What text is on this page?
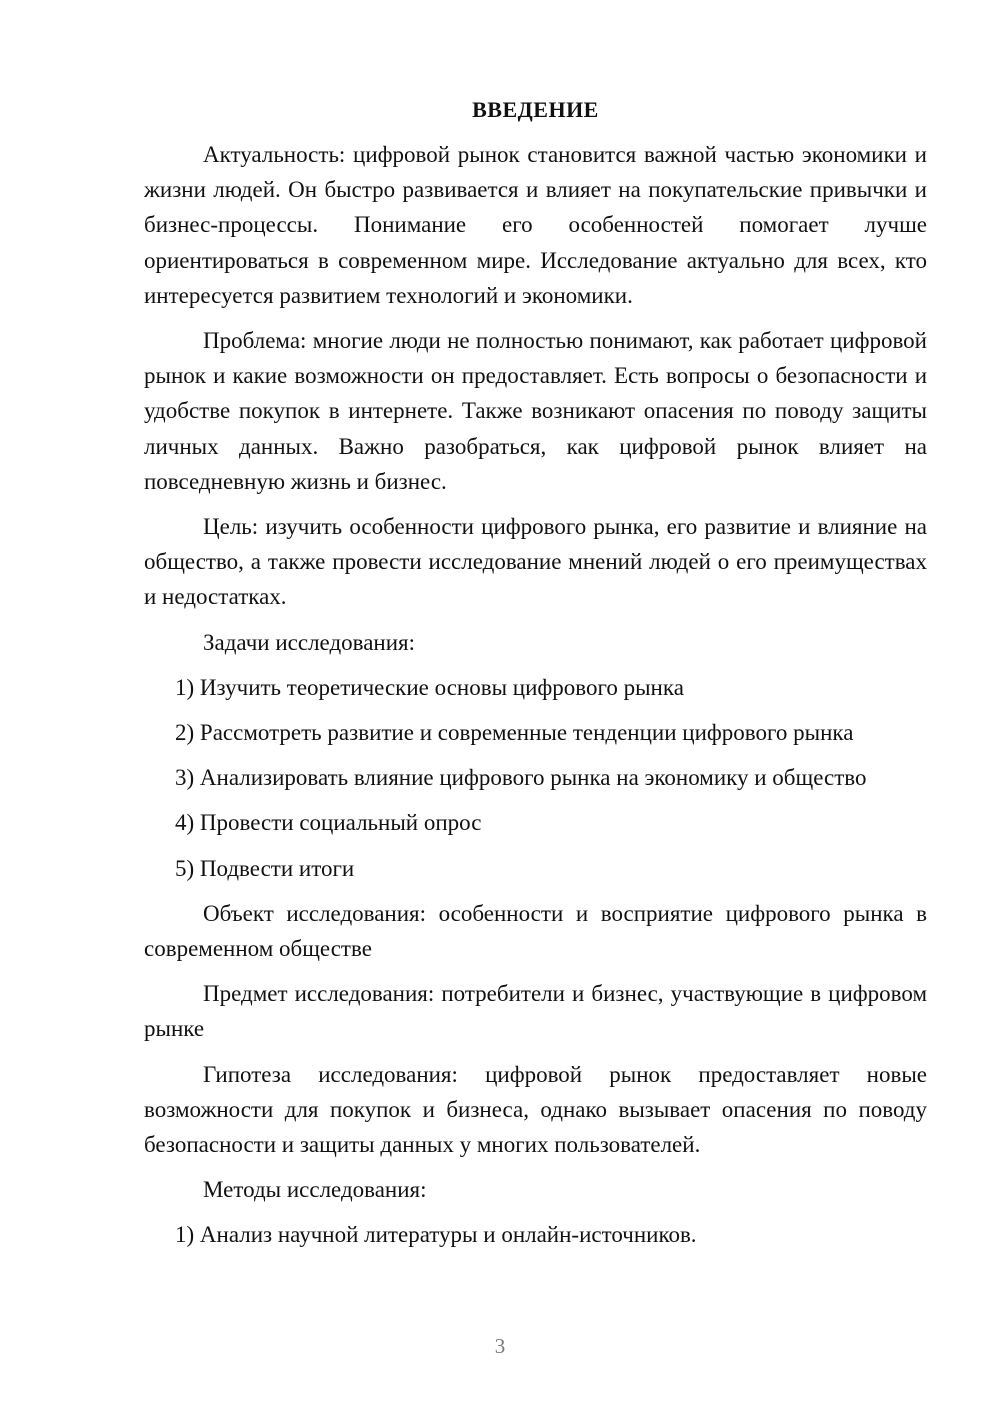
ВВЕДЕНИЕ

Актуальность: цифровой рынок становится важной частью экономики и жизни людей. Он быстро развивается и влияет на покупательские привычки и бизнес-процессы. Понимание его особенностей помогает лучше ориентироваться в современном мире. Исследование актуально для всех, кто интересуется развитием технологий и экономики.

Проблема: многие люди не полностью понимают, как работает цифровой рынок и какие возможности он предоставляет. Есть вопросы о безопасности и удобстве покупок в интернете. Также возникают опасения по поводу защиты личных данных. Важно разобраться, как цифровой рынок влияет на повседневную жизнь и бизнес.

Цель: изучить особенности цифрового рынка, его развитие и влияние на общество, а также провести исследование мнений людей о его преимуществах и недостатках.

Задачи исследования:
1) Изучить теоретические основы цифрового рынка
2) Рассмотреть развитие и современные тенденции цифрового рынка
3) Анализировать влияние цифрового рынка на экономику и общество
4) Провести социальный опрос
5) Подвести итоги

Объект исследования: особенности и восприятие цифрового рынка в современном обществе

Предмет исследования: потребители и бизнес, участвующие в цифровом рынке

Гипотеза исследования: цифровой рынок предоставляет новые возможности для покупок и бизнеса, однако вызывает опасения по поводу безопасности и защиты данных у многих пользователей.

Методы исследования:
1) Анализ научной литературы и онлайн-источников.
3
